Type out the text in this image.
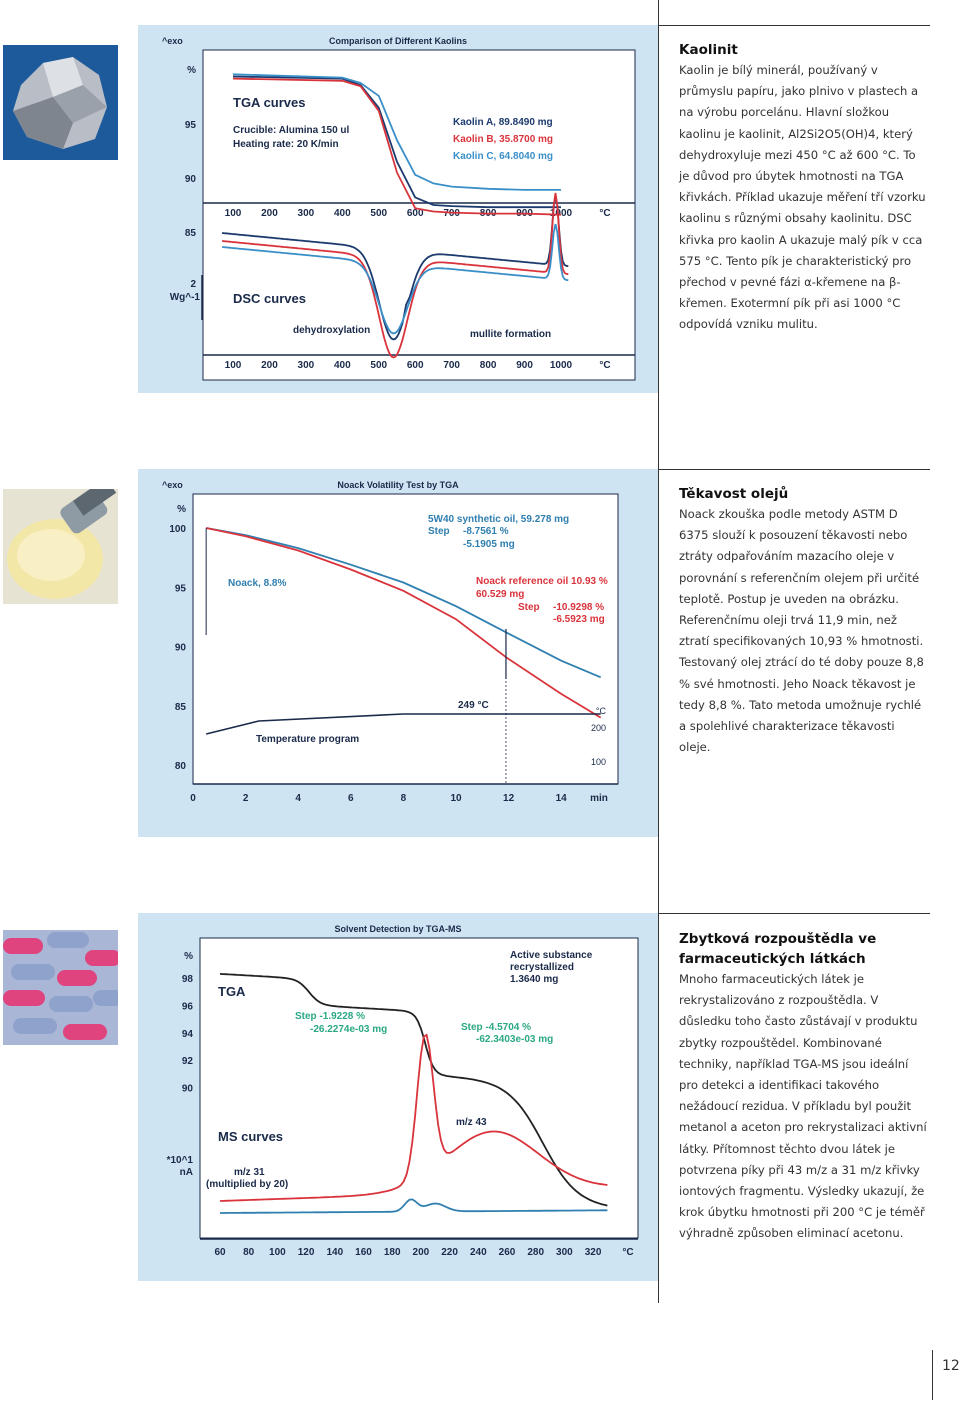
^exo	Comparison of Different Kaolins
100
100
200
200
300
300
400
400
500
500
600
600
700
700
800
800
900
900
1000
1000
°C
°C
%
95
90
85
2
Wg^-1
TGA curves
Crucible: Alumina 150 ul
Heating rate: 20 K/min
DSC curves
dehydroxylation	mullite formation
Kaolin A, 89.8490 mg
Kaolin B, 35.8700 mg
Kaolin C, 64.8040 mg
^exo	Noack Volatility Test by TGA
%
100
95
90
85
80
0	2	4	6	8	10	12	14 min
°C
200
100
Noack, 8.8%
249 °C
Temperature program
5W40 synthetic oil, 59.278 mg
Step -8.7561 %
-5.1905 mg
Noack reference oil 10.93 %
60.529 mg
Step -10.9298 %
-6.5923 mg
Solvent Detection by TGA-MS
%
98
96
94
92
90
*10^1
nA
60 80 100 120 140 160 180 200 220 240 260 280 300 320 °C
TGA
MS curves
Active substance
recrystallized
1.3640 mg
Step -1.9228 %
-26.2274e-03 mg	Step -4.5704 %
-62.3403e-03 mg
m/z 43
m/z 31
(multiplied by 20)
Kaolinit

Kaolin je bílý minerál, používaný v průmyslu papíru, jako plnivo v plastech a na výrobu porcelánu. Hlavní složkou kaolinu je kaolinit, Al2Si2O5(OH)4, který dehydroxyluje mezi 450 °C až 600 °C. To je důvod pro úbytek hmotnosti na TGA křivkách. Příklad ukazuje měření tří vzorku kaolinu s různými obsahy kaolinitu. DSC křivka pro kaolin A ukazuje malý pík v cca 575 °C. Tento pík je charakteristický pro přechod v pevné fázi α-křemene na β-křemen. Exotermní pík při asi 1000 °C odpovídá vzniku mulitu.

Těkavost olejů

Noack zkouška podle metody ASTM D 6375 slouží k posouzení těkavosti nebo ztráty odpařováním mazacího oleje v porovnání s referenčním olejem při určité teplotě. Postup je uveden na obrázku. Referenčnímu oleji trvá 11,9 min, než ztratí specifikovaných 10,93 % hmotnosti. Testovaný olej ztrácí do té doby pouze 8,8 % své hmotnosti. Jeho Noack těkavost je tedy 8,8 %. Tato metoda umožnuje rychlé a spolehlivé charakterizace těkavosti oleje.

Zbytková rozpouštědla ve farmaceutických látkách

Mnoho farmaceutických látek je rekrystalizováno z rozpouštědla. V důsledku toho často zůstávají v produktu zbytky rozpouštědel. Kombinované techniky, například TGA-MS jsou ideální pro detekci a identifikaci takového nežádoucí rezidua. V příkladu byl použit metanol a aceton pro rekrystalizaci aktivní látky. Přítomnost těchto dvou látek je potvrzena píky při 43 m/z a 31 m/z křivky iontových fragmentu. Výsledky ukazují, že krok úbytku hmotnosti při 200 °C je téměř výhradně způsoben eliminací acetonu.

12
